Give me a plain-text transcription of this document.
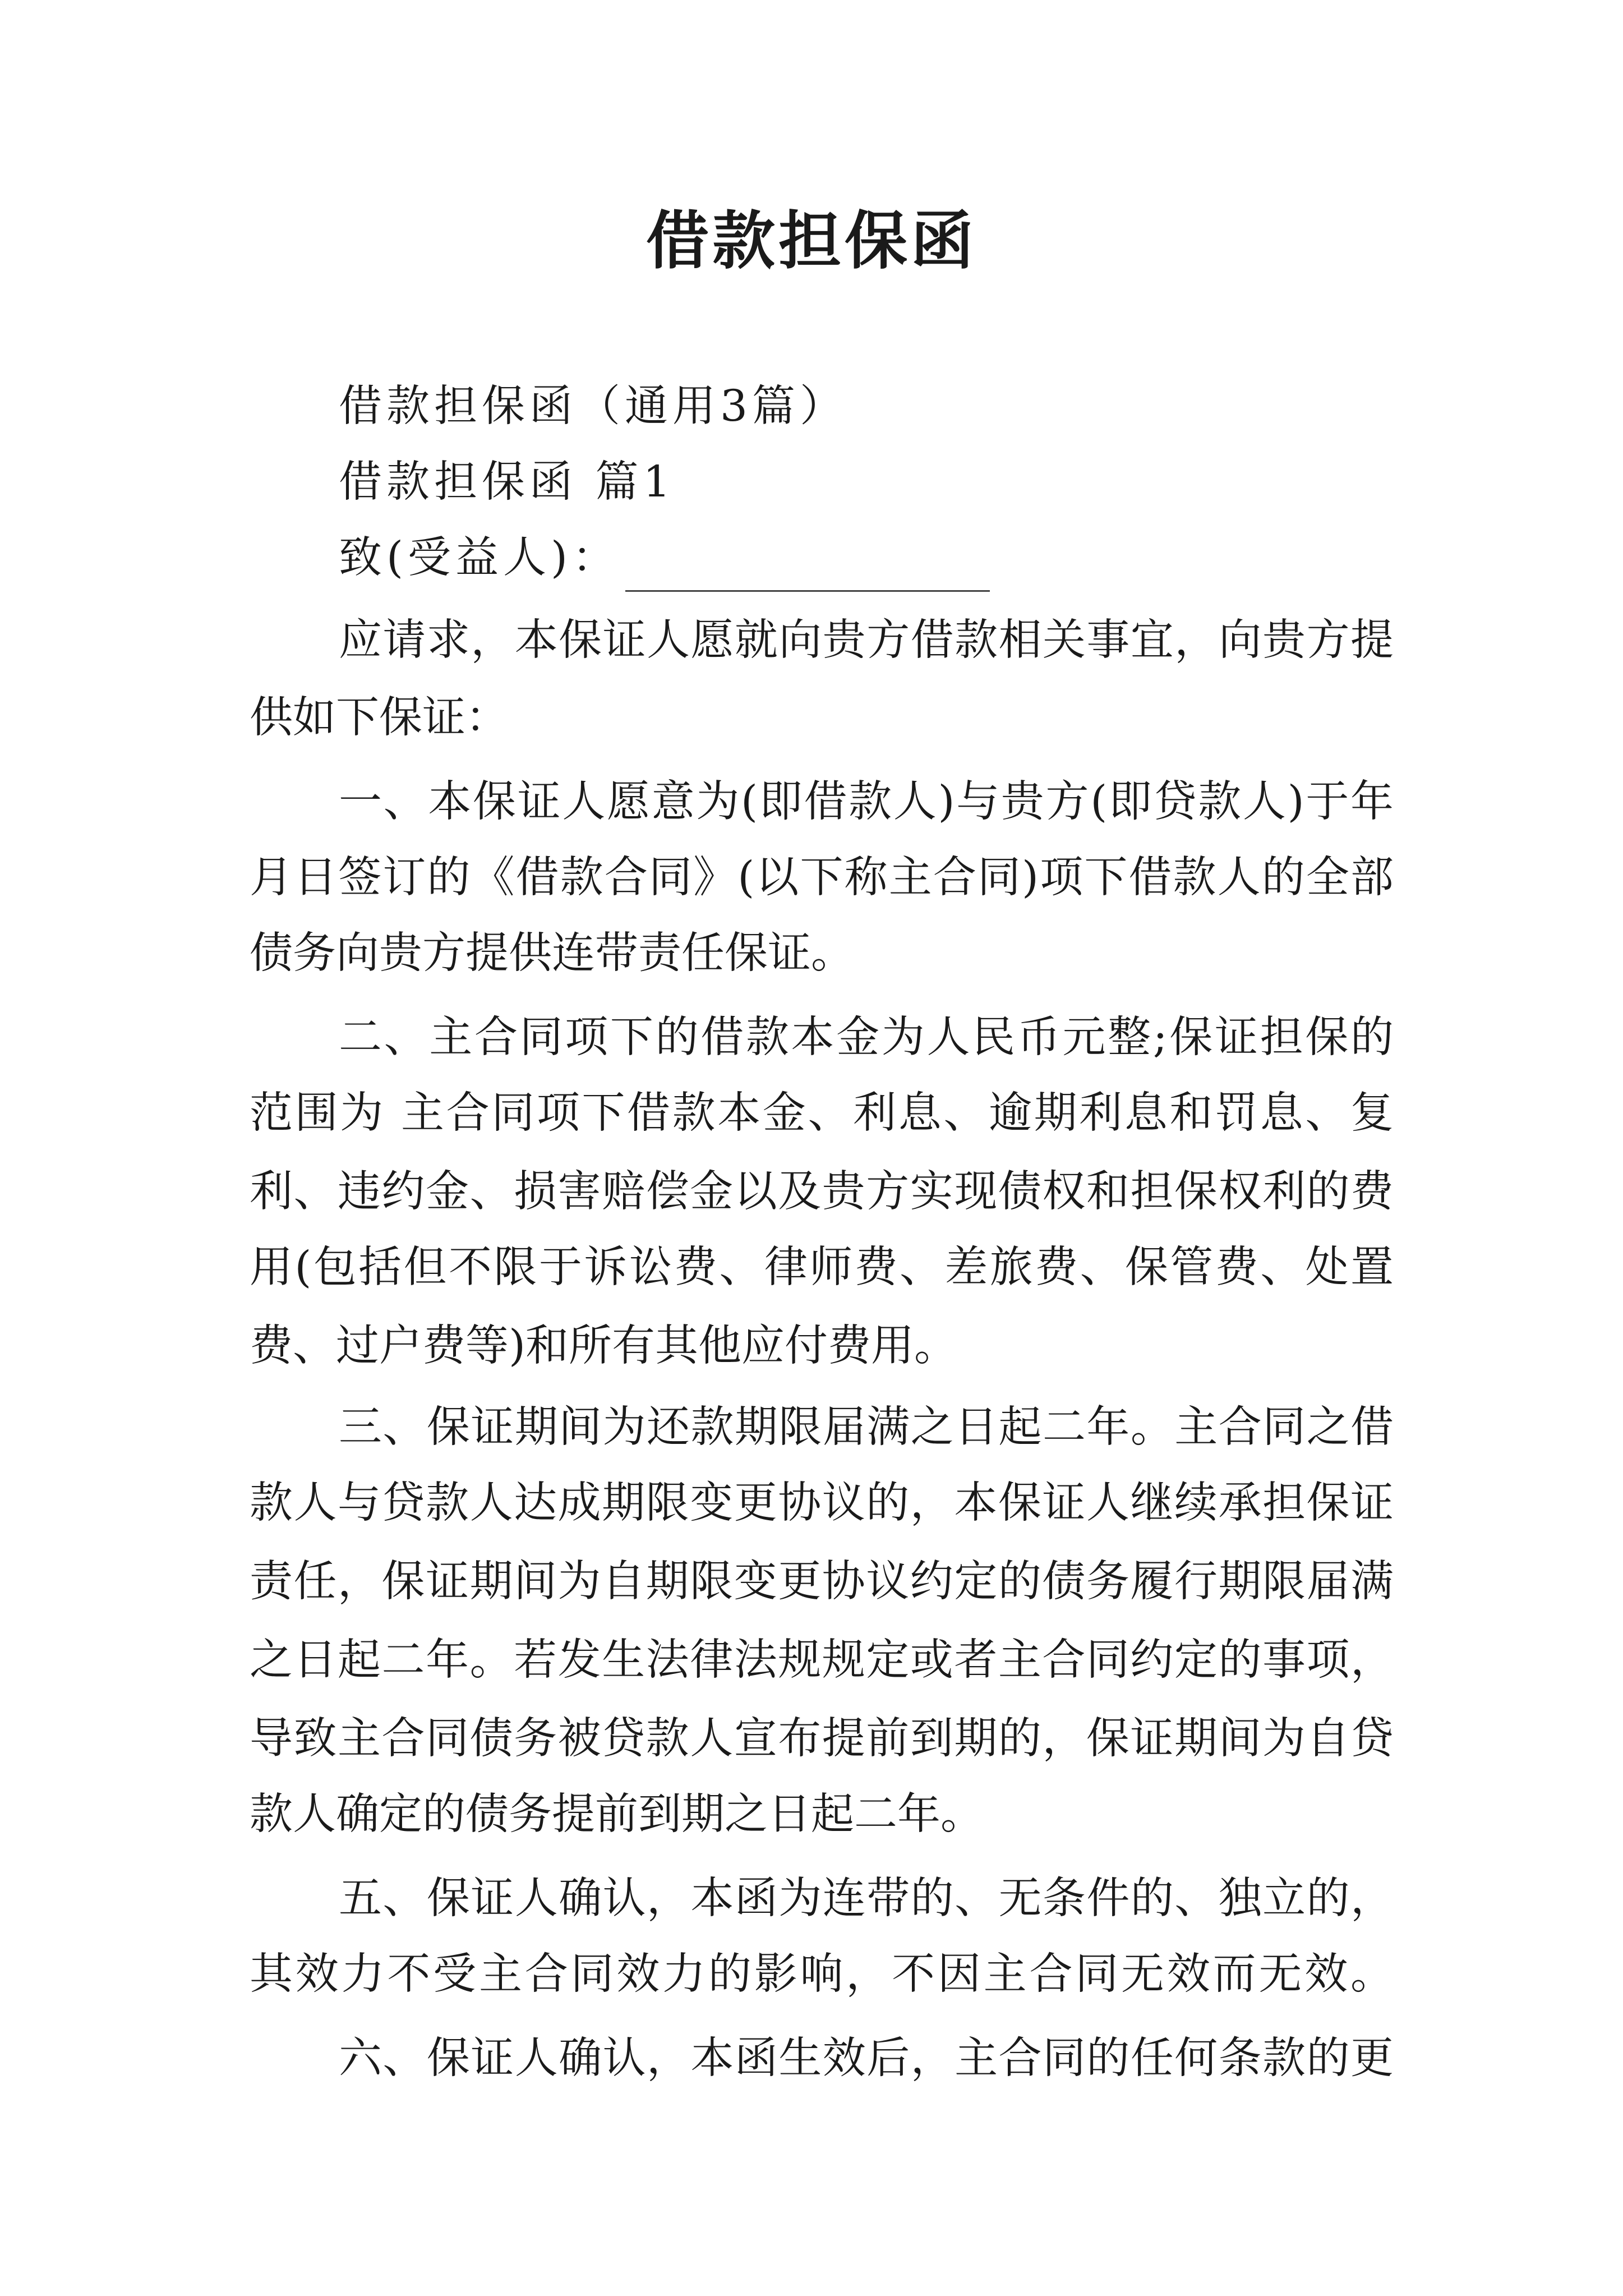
借款担保函

借款担保函（通用3篇）

借款担保函 篇1

致(受益人)：

应请求，本保证人愿就向贵方借款相关事宜，向贵方提

供如下保证：

一、本保证人愿意为(即借款人)与贵方(即贷款人)于年

月日签订的《借款合同》(以下称主合同)项下借款人的全部

债务向贵方提供连带责任保证。

二、主合同项下的借款本金为人民币元整;保证担保的

范围为 主合同项下借款本金、利息、逾期利息和罚息、复

利、违约金、损害赔偿金以及贵方实现债权和担保权利的费

用(包括但不限于诉讼费、律师费、差旅费、保管费、处置

费、过户费等)和所有其他应付费用。

三、保证期间为还款期限届满之日起二年。主合同之借

款人与贷款人达成期限变更协议的，本保证人继续承担保证

责任，保证期间为自期限变更协议约定的债务履行期限届满

之日起二年。若发生法律法规规定或者主合同约定的事项，

导致主合同债务被贷款人宣布提前到期的，保证期间为自贷

款人确定的债务提前到期之日起二年。

五、保证人确认，本函为连带的、无条件的、独立的，

其效力不受主合同效力的影响，不因主合同无效而无效。

六、保证人确认，本函生效后，主合同的任何条款的更
